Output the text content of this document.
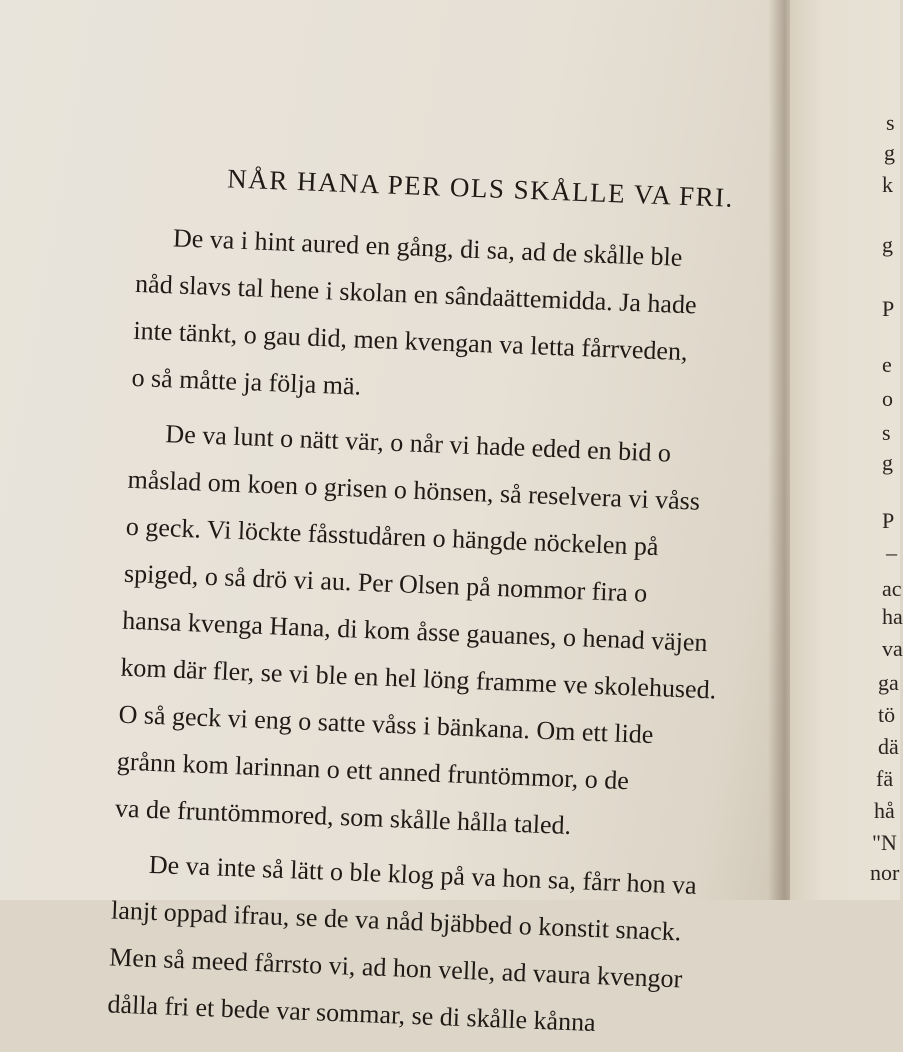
NÅR HANA PER OLS SKÅLLE VA FRI.
De va i hint aured en gång, di sa, ad de skålle ble
nåd slavs tal hene i skolan en sândaättemidda. Ja hade
inte tänkt, o gau did, men kvengan va letta fårrveden,
o så måtte ja följa mä.
De va lunt o nätt vär, o når vi hade eded en bid o
måslad om koen o grisen o hönsen, så reselvera vi våss
o geck. Vi löckte fåsstudåren o hängde nöckelen på
spiged, o så drö vi au. Per Olsen på nommor fira o
hansa kvenga Hana, di kom åsse gauanes, o henad väjen
kom där fler, se vi ble en hel löng framme ve skolehused.
O så geck vi eng o satte våss i bänkana. Om ett lide
grånn kom larinnan o ett anned fruntömmor, o de
va de fruntömmored, som skålle hålla taled.
De va inte så lätt o ble klog på va hon sa, fårr hon va
lanjt oppad ifrau, se de va nåd bjäbbed o konstit snack.
Men så meed fårrsto vi, ad hon velle, ad vaura kvengor
dålla fri et bede var sommar, se di skålle kånna
s
g
k
g
P
e
o
s
g
P
–
ac
ha
va
ga
tö
dä
fä
hå
"N
nor
